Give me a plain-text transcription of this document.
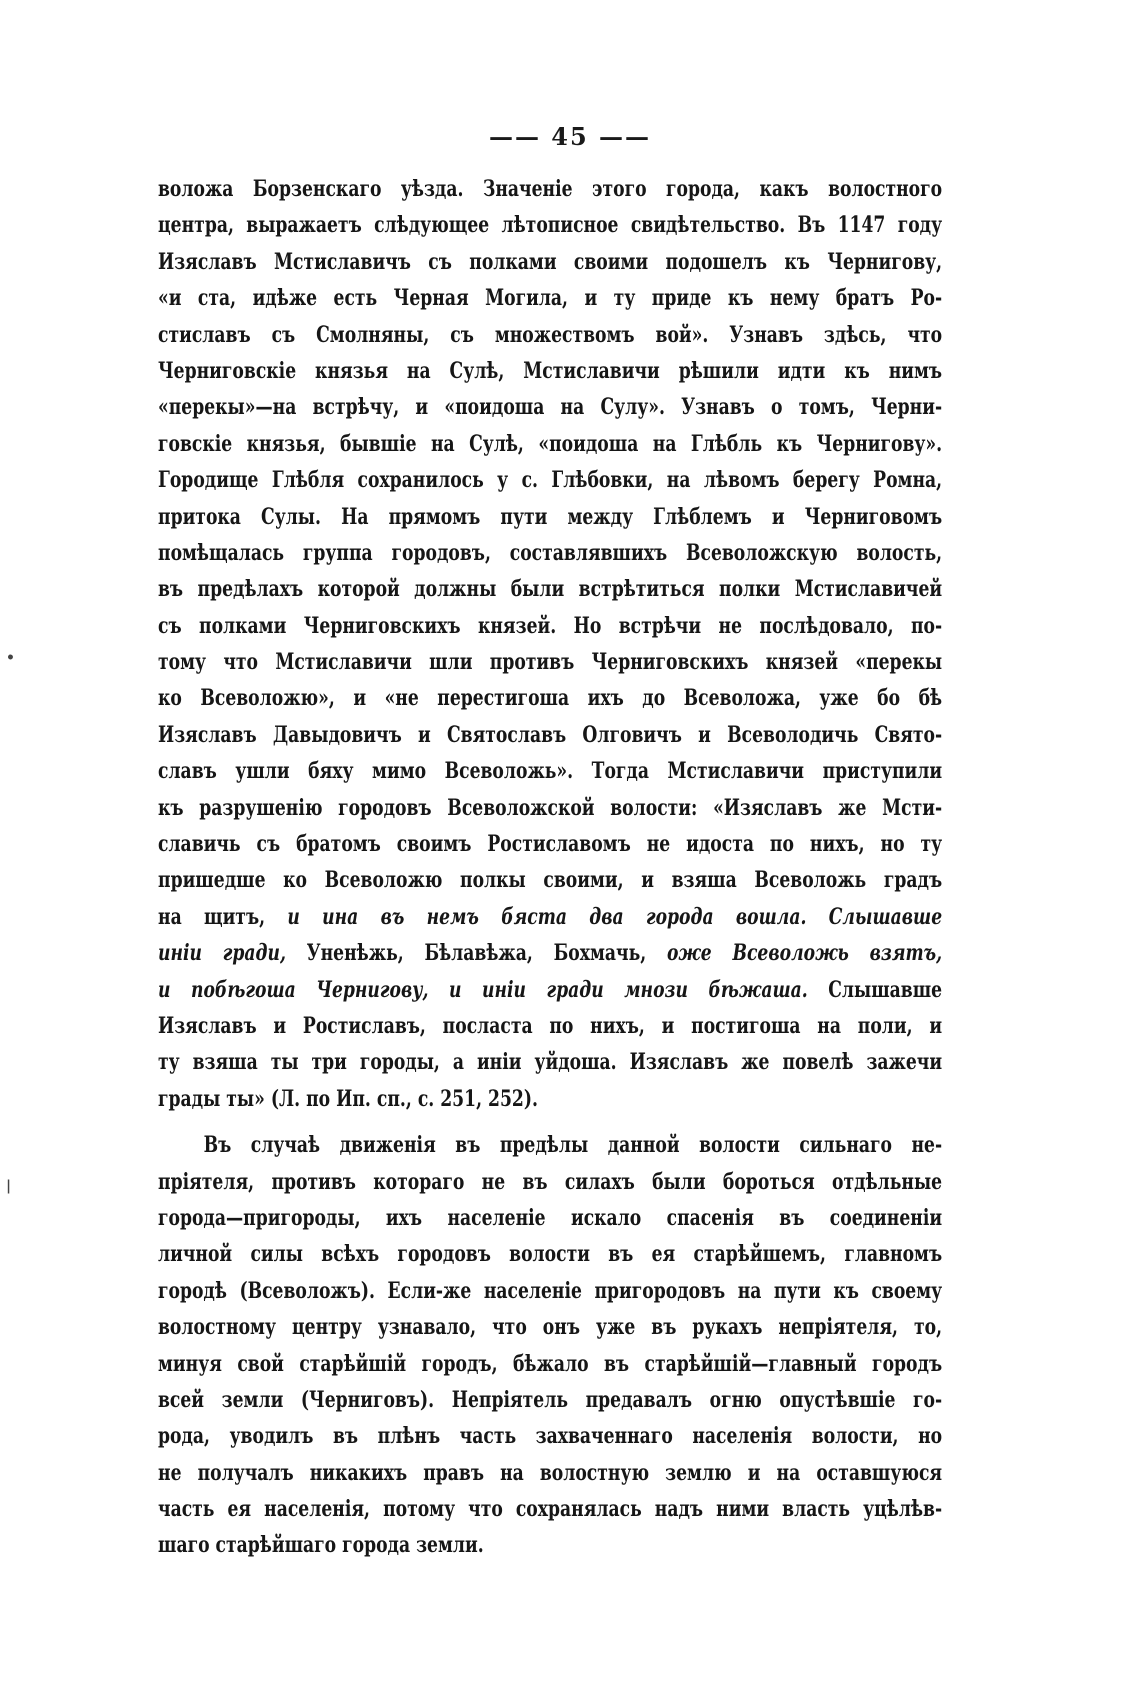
—— 45 ——
воложа Борзенскаго уѣзда. Значеніе этого города, какъ волостного
центра, выражаетъ слѣдующее лѣтописное свидѣтельство. Въ 1147 году
Изяславъ Мстиславичъ съ полками своими подошелъ къ Чернигову,
«и ста, идѣже есть Черная Могила, и ту приде къ нему братъ Ро-
стиславъ съ Смолняны, съ множествомъ вой». Узнавъ здѣсь, что
Черниговскіе князья на Сулѣ, Мстиславичи рѣшили идти къ нимъ
«перекы»—на встрѣчу, и «поидоша на Сулу». Узнавъ о томъ, Черни-
говскіе князья, бывшіе на Сулѣ, «поидоша на Глѣбль къ Чернигову».
Городище Глѣбля сохранилось у с. Глѣбовки, на лѣвомъ берегу Ромна,
притока Сулы. На прямомъ пути между Глѣблемъ и Черниговомъ
помѣщалась группа городовъ, составлявшихъ Всеволожскую волость,
въ предѣлахъ которой должны были встрѣтиться полки Мстиславичей
съ полками Черниговскихъ князей. Но встрѣчи не послѣдовало, по-
тому что Мстиславичи шли противъ Черниговскихъ князей «перекы
ко Всеволожю», и «не перестигоша ихъ до Всеволожа, уже бо бѣ
Изяславъ Давыдовичъ и Святославъ Олговичъ и Всеволодичь Свято-
славъ ушли бяху мимо Всеволожь». Тогда Мстиславичи приступили
къ разрушенію городовъ Всеволожской волости: «Изяславъ же Мсти-
славичь съ братомъ своимъ Ростиславомъ не идоста по нихъ, но ту
пришедше ко Всеволожю полкы своими, и взяша Всеволожь градъ
на щитъ, и ина въ немъ бяста два города вошла. Слышавше
иніи гради, Уненѣжь, Бѣлавѣжа, Бохмачь, оже Всеволожь взятъ,
и побѣгоша Чернигову, и иніи гради мнози бѣжаша. Слышавше
Изяславъ и Ростиславъ, посласта по нихъ, и постигоша на поли, и
ту взяша ты три городы, а иніи уйдоша. Изяславъ же повелѣ зажечи
грады ты» (Л. по Ип. сп., с. 251, 252).
Въ случаѣ движенія въ предѣлы данной волости сильнаго не-
пріятеля, противъ котораго не въ силахъ были бороться отдѣльные
города—пригороды, ихъ населеніе искало спасенія въ соединеніи
личной силы всѣхъ городовъ волости въ ея старѣйшемъ, главномъ
городѣ (Всеволожъ). Если-же населеніе пригородовъ на пути къ своему
волостному центру узнавало, что онъ уже въ рукахъ непріятеля, то,
минуя свой старѣйшій городъ, бѣжало въ старѣйшій—главный городъ
всей земли (Черниговъ). Непріятель предавалъ огню опустѣвшіе го-
рода, уводилъ въ плѣнъ часть захваченнаго населенія волости, но
не получалъ никакихъ правъ на волостную землю и на оставшуюся
часть ея населенія, потому что сохранялась надъ ними власть уцѣлѣв-
шаго старѣйшаго города земли.
•
|
